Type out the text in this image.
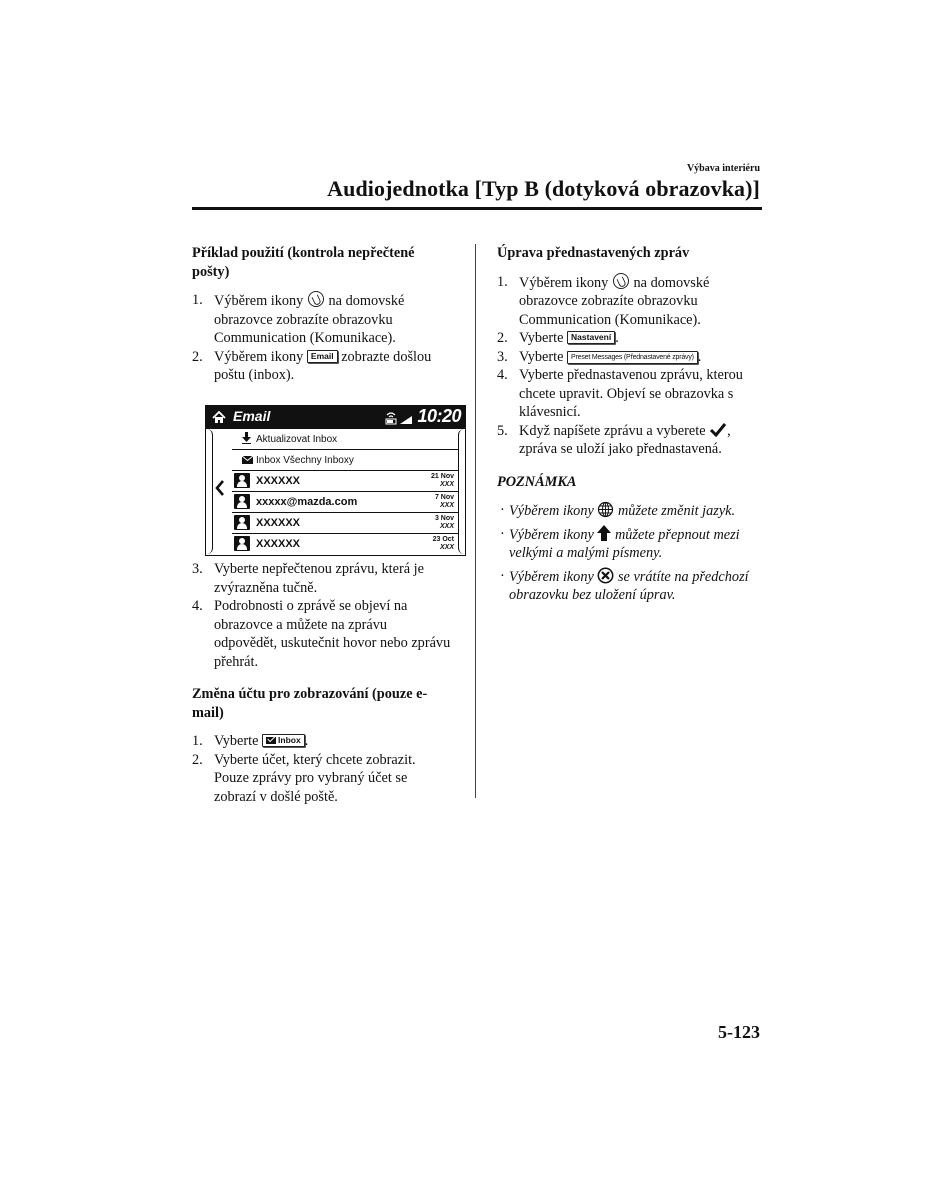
Výbava interiéru
Audiojednotka [Typ B (dotyková obrazovka)]

Příklad použití (kontrola nepřečtené pošty)

1. Výběrem ikony na domovské obrazovce zobrazíte obrazovku Communication (Komunikace).
2. Výběrem ikony Email zobrazte došlou poštu (inbox).
Email	10:20
Aktualizovat Inbox
Inbox Všechny Inboxy
XXXXXX	21 Nov
XXX
xxxxx@mazda.com	7 Nov
XXX
XXXXXX	3 Nov
XXX
XXXXXX	23 Oct
XXX
3. Vyberte nepřečtenou zprávu, která je zvýrazněna tučně.
4. Podrobnosti o zprávě se objeví na obrazovce a můžete na zprávu odpovědět, uskutečnit hovor nebo zprávu přehrát.

Změna účtu pro zobrazování (pouze e-mail)

1. Vyberte Inbox .
2. Vyberte účet, který chcete zobrazit. Pouze zprávy pro vybraný účet se zobrazí v došlé poště.

Úprava přednastavených zpráv

1. Výběrem ikony na domovské obrazovce zobrazíte obrazovku Communication (Komunikace).
2. Vyberte Nastavení .
3. Vyberte Preset Messages (Přednastavené zprávy) .
4. Vyberte přednastavenou zprávu, kterou chcete upravit. Objeví se obrazovka s klávesnicí.
5. Když napíšete zprávu a vyberete , zpráva se uloží jako přednastavená.

POZNÁMKA

· Výběrem ikony můžete změnit jazyk.
· Výběrem ikony můžete přepnout mezi velkými a malými písmeny.
· Výběrem ikony se vrátíte na předchozí obrazovku bez uložení úprav.
5-123
